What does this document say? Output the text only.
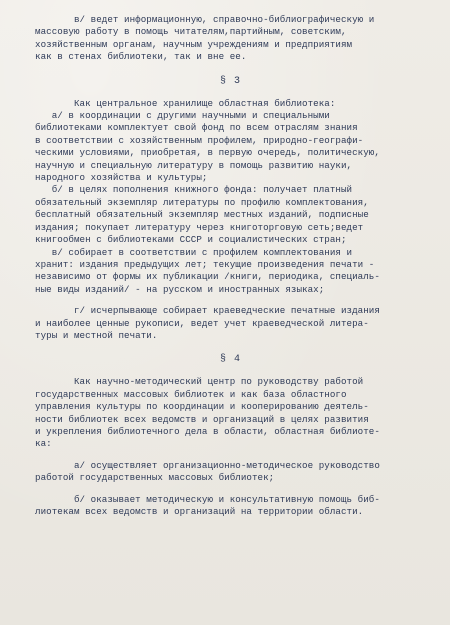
в/ ведет информационную, справочно-библиографическую и
массовую работу в помощь читателям,партийным, советским,
хозяйственным органам, научным учреждениям и предприятиям
как в стенах библиотеки, так и вне ее.

§ 3

Как центральное хранилище областная библиотека:

а/ в координации с другими научными и специальными
библиотеками комплектует свой фонд по всем отраслям знания
в соответствии с хозяйственным профилем, природно-географи-
ческими условиями, приобретая, в первую очередь, политическую,
научную и специальную литературу в помощь развитию науки,
народного хозяйства и культуры;

б/ в целях пополнения книжного фонда: получает платный
обязательный экземпляр литературы по профилю комплектования,
бесплатный обязательный экземпляр местных изданий, подписные
издания; покупает литературу через книготорговую сеть;ведет
книгообмен с библиотеками СССР и социалистических стран;

в/ собирает в соответствии с профилем комплектования и
хранит: издания предыдущих лет; текущие произведения печати -
независимо от формы их публикации /книги, периодика, специаль-
ные виды изданий/ - на русском и иностранных языках;

г/ исчерпывающе собирает краеведческие печатные издания
и наиболее ценные рукописи, ведет учет краеведческой литера-
туры и местной печати.

§ 4

Как научно-методический центр по руководству работой
государственных массовых библиотек и как база областного
управления культуры по координации и кооперированию деятель-
ности библиотек всех ведомств и организаций в целях развития
и укрепления библиотечного дела в области, областная библиоте-
ка:

а/ осуществляет организационно-методическое руководство
работой государственных массовых библиотек;

б/ оказывает методическую и консультативную помощь биб-
лиотекам всех ведомств и организаций на территории области.
